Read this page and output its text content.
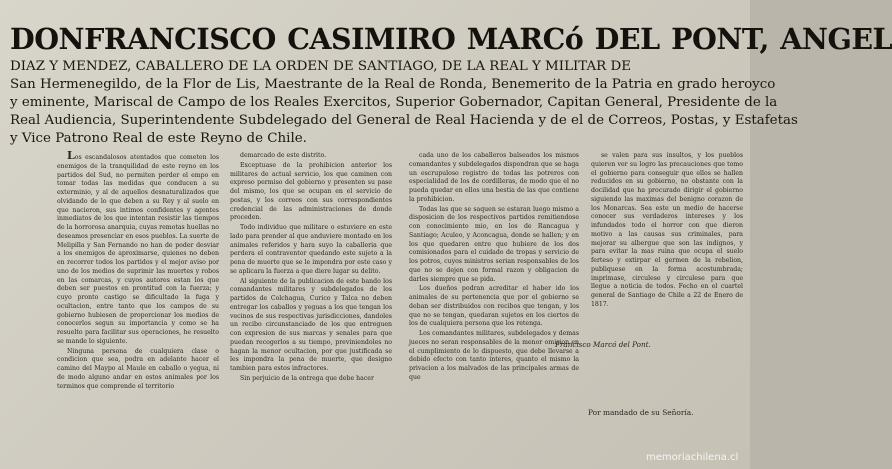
DONFRANCISCO CASIMIRO MARCó DEL PONT, ANGEL
DIAZ Y MENDEZ, CABALLERO DE LA ORDEN DE SANTIAGO, DE LA REAL Y MILITAR DE
San Hermenegildo, de la Flor de Lis, Maestrante de la Real de Ronda, Benemerito de la Patria en grado heroyco
y eminente, Mariscal de Campo de los Reales Exercitos, Superior Gobernador, Capitan General, Presidente de la
Real Audiencia, Superintendente Subdelegado del General de Real Hacienda y de el de Correos, Postas, y Estafetas
y Vice Patrono Real de este Reyno de Chile.

Los escandalosos atentados que cometen los enemigos de la tranquilidad de este reyno en los partidos del Sud, no permiten perder el empo en tomar todas las medidas que conducen a su exterminio, y al de aquellos desnaturalizados que olvidando de lo que deben a su Rey y al suelo en que nacieron, sus intimos confidentes y agentes inmediatos de los que intentan resistir las tiempos de la horrorosa anarquia, cuyas remotas huellas no deseamos presenciar en esos pueblos. La suerte de Melipilla y San Fernando no han de poder desviar a los enemigos de aproximarse, quienes no deben en recorrer todos los partidos y el mejor aviso por uno de los medios de suprimir las muertes y robos en las comarcas, y cuyos autores estan los que deben ser puestos en prontitud con la fuerza; y cuyo pronto castigo se dificultado la fuga y ocultacion, entre tanto que los campos de su gobierno hubiesen de proporcionar los medios de conocerlos segun su importancia y como se ha resuelto para facilitar sus operaciones, he resuelto se mande lo siguiente.

Ninguna persona de cualquiera clase o condicion que sea, podra en adelante hacer el camino del Maypo al Maule en caballo o yegua, ni de modo alguno andar en estos animales por los terminos que comprende el territorio

demarcado de este distrito.

Exceptuase de la prohibicion anterior los militares de actual servicio, los que caminen con expreso permiso del gobierno y presenten su pase del mismo, los que se ocupan en el servicio de postas, y los correos con sus correspondientes credencial de las administraciones de donde proceden.

Todo individuo que militare o estuviere en este lado para prender al que anduviere montado en los animales referidos y hara suyo la caballeria que perdera el contraventor quedando este sujeto a la pena de muerte que se le impondra por este caso y se aplicara la fuerza a que diere lugar su delito.

Al siguiente de la publicacion de este bando los comandantes militares y subdelegados de los partidos de Colchagua, Curico y Talca no deben entregar los caballos y yeguas a los que tengan los vecinos de sus respectivas jurisdicciones, dandoles un recibo circunstanciado de los que entreguen con expresion de sus marcas y senales para que puedan recogerlos a su tiempo, previniendoles no hagan la menor ocultacion, por que justificada se les impondra la pena de muerte, que designo tambien para estos infractores.

Sin perjuicio de la entrega que debe hacer

cada uno de los caballeros balseados los mismos comandantes y subdelegados dispondran que se haga un escrupuloso registro de todas las potreros con especialidad de los de cordilleras, de modo que el no pueda quedar en ellos una bestia de las que contiene la prohibicion.

Todas las que se saquen se estaran luego mismo a disposicion de los respectivos partidos remitiendose con conocimiento mio, en los de Rancagua y Santiago; Aculeo, y Aconcagua, donde se hallen; y en los que quedaren entre que hubiere de los dos comisionados para el cuidado de tropas y servicio de los potros, cuyos ministros serian responsables de los que no se dejen con formal razon y obligacion de darles siempre que se pida.

Los dueños podran acreditar el haber ido los animales de su pertenencia que por el gobierno se deban ser distribuidos con recibos que tengan, y los que no se tengan, quedaran sujetos en los ciertos de los de cualquiera persona que los retenga.

Los comandantes militares, subdelegados y demas jueces no seran responsables de la menor omision en el cumplimiento de lo dispuesto, que debe llevarse a debido efecto con tanto interes, quanto el mismo la privacion a los malvados de las principales armas de que

se valen para sus insultos, y los pueblos quieren ver su logro las precauciones que tomo el gobierno para conseguir que ellos se hallen reducidos en su gobierno, no obstante con la docilidad que ha procurado dirigir el gobierno siguiendo las maximas del benigno corazon de los Monarcas. Sea este un medio de hacerse conocer sus verdaderos intereses y los infundados todo el horror con que dieron motivo a las causas sus criminales, para mejorar su albergue que son las indignos, y para evitar la mas ruina que ocupa el suelo ferteso y extirpar el germen de la rebelion, publiquese en la forma acostumbrada; imprimase, circulese y circulese para que llegue a noticia de todos. Fecho en el cuartel general de Santiago de Chile a 22 de Enero de 1817.

Francisco Marcó del Pont.
Por mandado de su Señoría.
memoriachilena.cl
